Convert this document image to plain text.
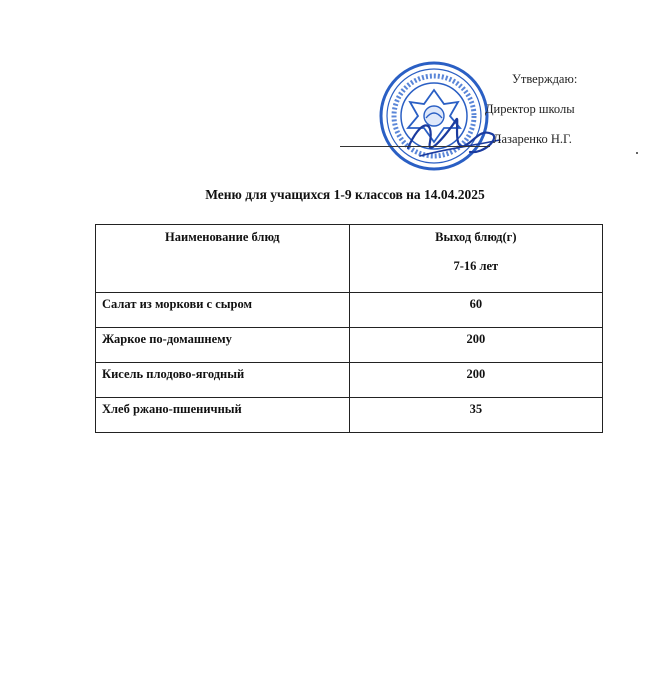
Утверждаю:
Директор школы
Лазаренко Н.Г.
Меню для учащихся 1-9 классов на 14.04.2025
Наименование блюд	Выход блюд(г)
7-16 лет

Салат из моркови с сыром	60
Жаркое по-домашнему	200
Кисель плодово-ягодный	200
Хлеб ржано-пшеничный	35
